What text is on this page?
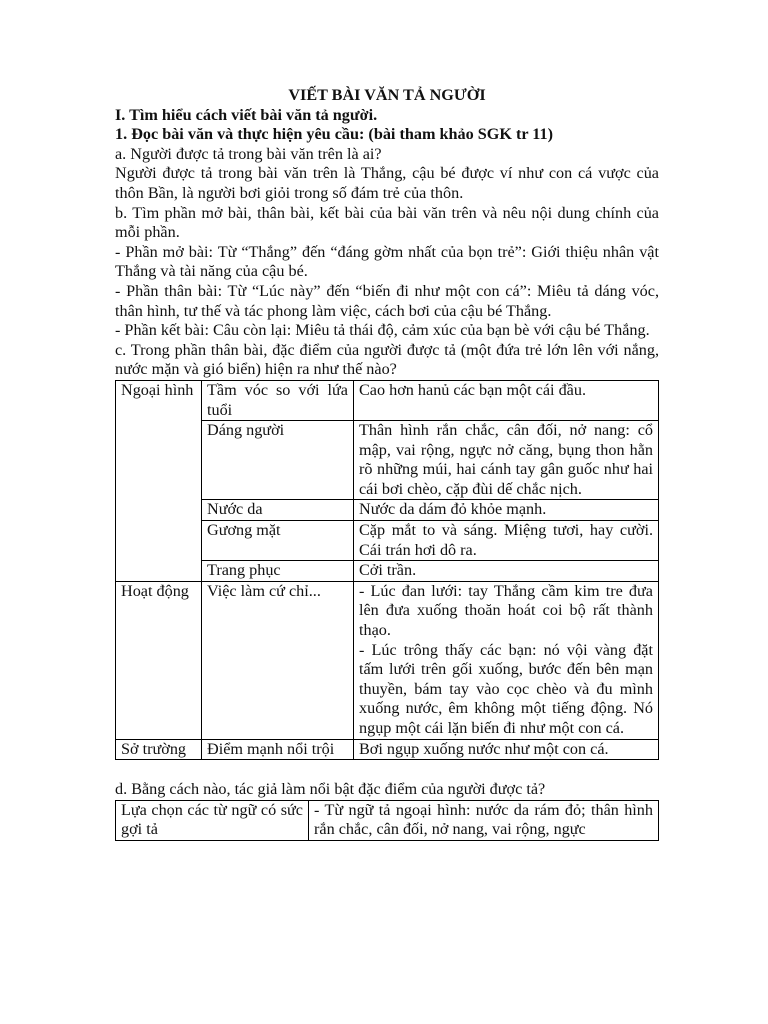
VIẾT BÀI VĂN TẢ NGƯỜI

I. Tìm hiểu cách viết bài văn tả người.

1. Đọc bài văn và thực hiện yêu cầu: (bài tham khảo SGK tr 11)

a. Người được tả trong bài văn trên là ai?

Người được tả trong bài văn trên là Thắng, cậu bé được ví như con cá vược của thôn Bần, là người bơi giỏi trong số đám trẻ của thôn.

b. Tìm phần mở bài, thân bài, kết bài của bài văn trên và nêu nội dung chính của mỗi phần.

- Phần mở bài: Từ “Thắng” đến “đáng gờm nhất của bọn trẻ”: Giới thiệu nhân vật Thắng và tài năng của cậu bé.

- Phần thân bài: Từ “Lúc này” đến “biến đi như một con cá”: Miêu tả dáng vóc, thân hình, tư thế và tác phong làm việc, cách bơi của cậu bé Thắng.

- Phần kết bài: Câu còn lại: Miêu tả thái độ, cảm xúc của bạn bè với cậu bé Thắng.

c. Trong phần thân bài, đặc điểm của người được tả (một đứa trẻ lớn lên với nắng, nước mặn và gió biển) hiện ra như thế nào?

Ngoại hình	Tầm vóc so với lứa tuổi	Cao hơn hanủ các bạn một cái đầu.
	Dáng người	Thân hình rắn chắc, cân đối, nở nang: cổ mập, vai rộng, ngực nở căng, bụng thon hằn rõ những múi, hai cánh tay gân guốc như hai cái bơi chèo, cặp đùi dế chắc nịch.
	Nước da	Nước da dám đỏ khỏe mạnh.
	Gương mặt	Cặp mắt to và sáng. Miệng tươi, hay cười. Cái trán hơi dô ra.
	Trang phục	Cởi trần.
Hoạt động	Việc làm cứ chỉ...	- Lúc đan lưới: tay Thắng cầm kim tre đưa lên đưa xuống thoăn hoát coi bộ rất thành thạo.

- Lúc trông thấy các bạn: nó vội vàng đặt tấm lưới trên gối xuống, bước đến bên mạn thuyền, bám tay vào cọc chèo và đu mình xuống nước, êm không một tiếng động. Nó ngụp một cái lặn biến đi như một con cá.

Sở trường	Điểm mạnh nổi trội	Bơi ngụp xuống nước như một con cá.

d. Bằng cách nào, tác giả làm nổi bật đặc điểm của người được tả?

Lựa chọn các từ ngữ có sức gợi tả	- Từ ngữ tả ngoại hình: nước da rám đỏ; thân hình rắn chắc, cân đối, nở nang, vai rộng, ngực
